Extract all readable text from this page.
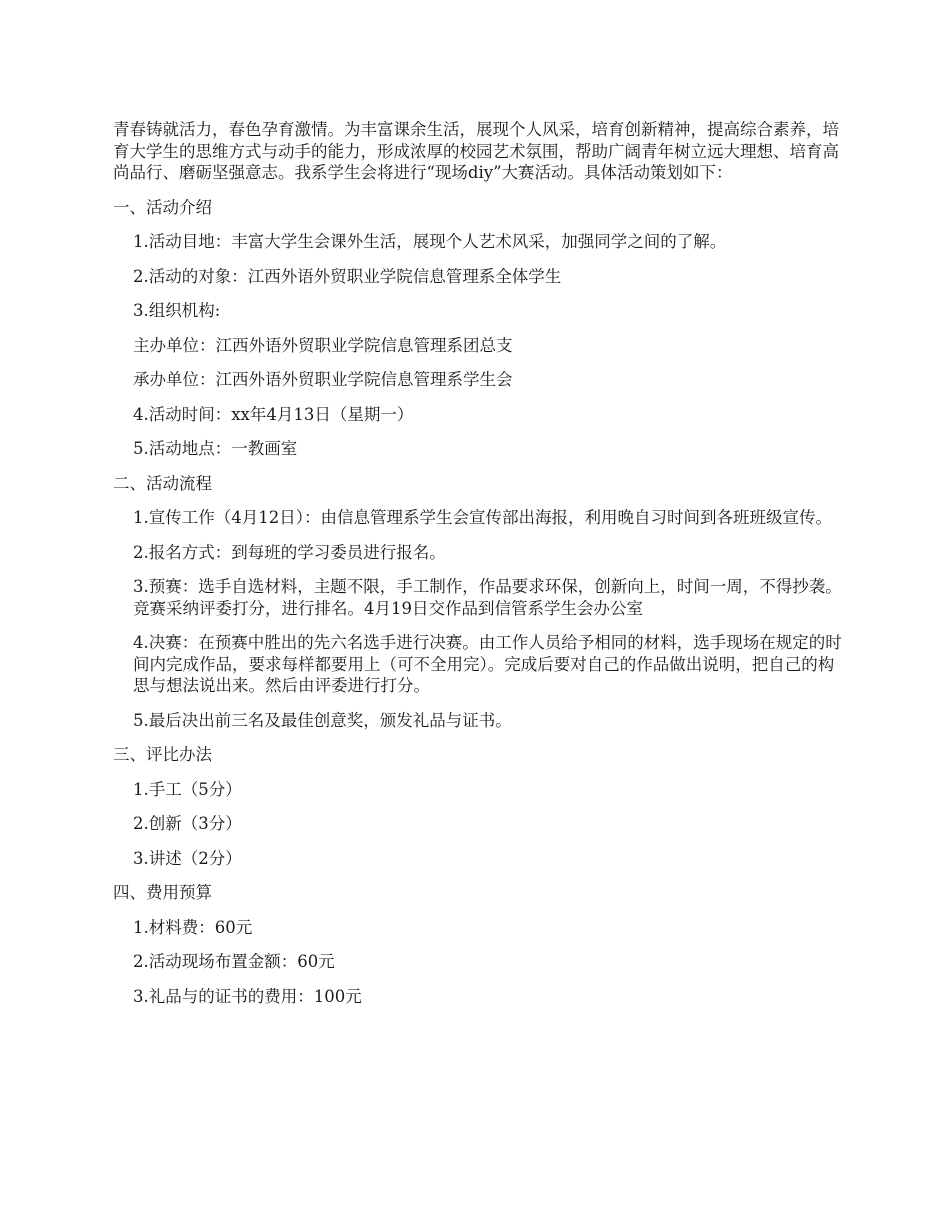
青春铸就活力，春色孕育激情。为丰富课余生活，展现个人风采，培育创新精神，提高综合素养，培育大学生的思维方式与动手的能力，形成浓厚的校园艺术氛围，帮助广阔青年树立远大理想、培育高尚品行、磨砺坚强意志。我系学生会将进行“现场diy”大赛活动。具体活动策划如下：

一、活动介绍

1.活动目地：丰富大学生会课外生活，展现个人艺术风采，加强同学之间的了解。

2.活动的对象：江西外语外贸职业学院信息管理系全体学生

3.组织机构:

主办单位：江西外语外贸职业学院信息管理系团总支

承办单位：江西外语外贸职业学院信息管理系学生会

4.活动时间：xx年4月13日（星期一）

5.活动地点：一教画室

二、活动流程

1.宣传工作（4月12日）：由信息管理系学生会宣传部出海报，利用晚自习时间到各班班级宣传。

2.报名方式：到每班的学习委员进行报名。

3.预赛：选手自选材料，主题不限，手工制作，作品要求环保，创新向上，时间一周，不得抄袭。竞赛采纳评委打分，进行排名。4月19日交作品到信管系学生会办公室

4.决赛：在预赛中胜出的先六名选手进行决赛。由工作人员给予相同的材料，选手现场在规定的时间内完成作品，要求每样都要用上（可不全用完）。完成后要对自己的作品做出说明，把自己的构思与想法说出来。然后由评委进行打分。

5.最后决出前三名及最佳创意奖，颁发礼品与证书。

三、评比办法

1.手工（5分）

2.创新（3分）

3.讲述（2分）

四、费用预算

1.材料费：60元

2.活动现场布置金额：60元

3.礼品与的证书的费用：100元
